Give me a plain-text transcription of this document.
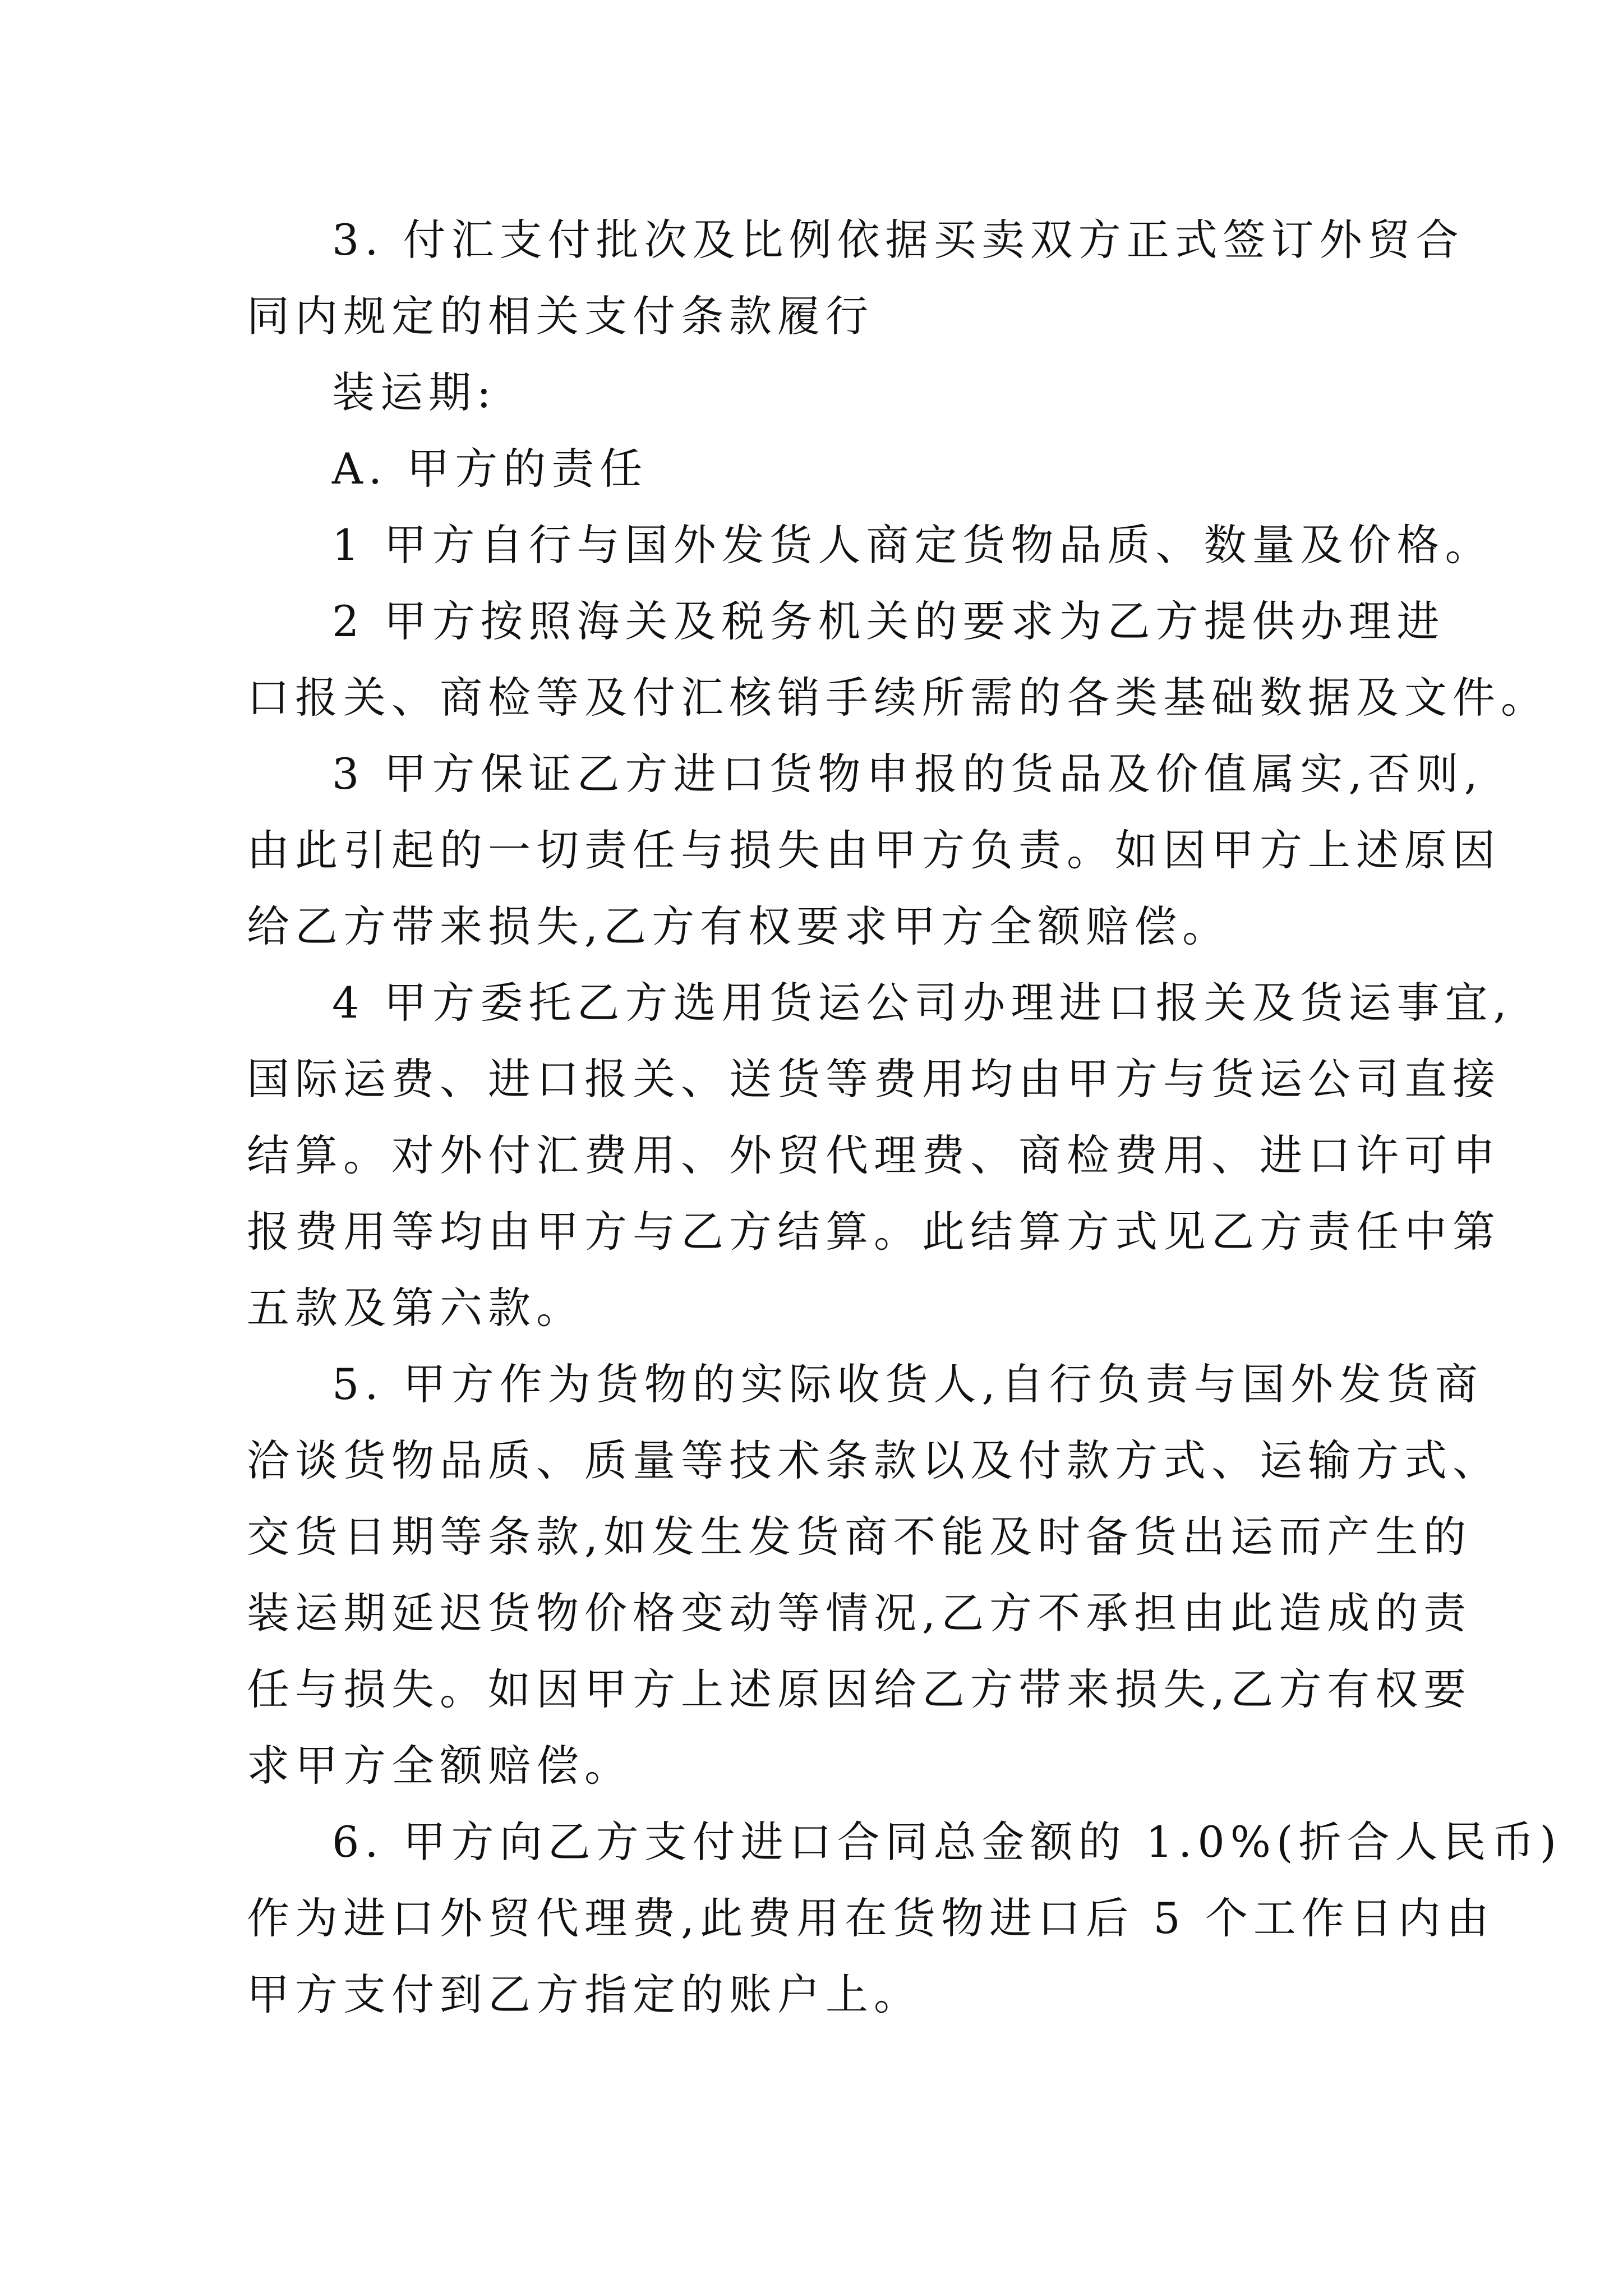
3. 付汇支付批次及比例依据买卖双方正式签订外贸合
同内规定的相关支付条款履行
装运期:
A. 甲方的责任
1 甲方自行与国外发货人商定货物品质、数量及价格。
2 甲方按照海关及税务机关的要求为乙方提供办理进
口报关、商检等及付汇核销手续所需的各类基础数据及文件。
3 甲方保证乙方进口货物申报的货品及价值属实,否则,
由此引起的一切责任与损失由甲方负责。如因甲方上述原因
给乙方带来损失,乙方有权要求甲方全额赔偿。
4 甲方委托乙方选用货运公司办理进口报关及货运事宜,
国际运费、进口报关、送货等费用均由甲方与货运公司直接
结算。对外付汇费用、外贸代理费、商检费用、进口许可申
报费用等均由甲方与乙方结算。此结算方式见乙方责任中第
五款及第六款。
5. 甲方作为货物的实际收货人,自行负责与国外发货商
洽谈货物品质、质量等技术条款以及付款方式、运输方式、
交货日期等条款,如发生发货商不能及时备货出运而产生的
装运期延迟货物价格变动等情况,乙方不承担由此造成的责
任与损失。如因甲方上述原因给乙方带来损失,乙方有权要
求甲方全额赔偿。
6. 甲方向乙方支付进口合同总金额的 1.0%(折合人民币)
作为进口外贸代理费,此费用在货物进口后 5 个工作日内由
甲方支付到乙方指定的账户上。
